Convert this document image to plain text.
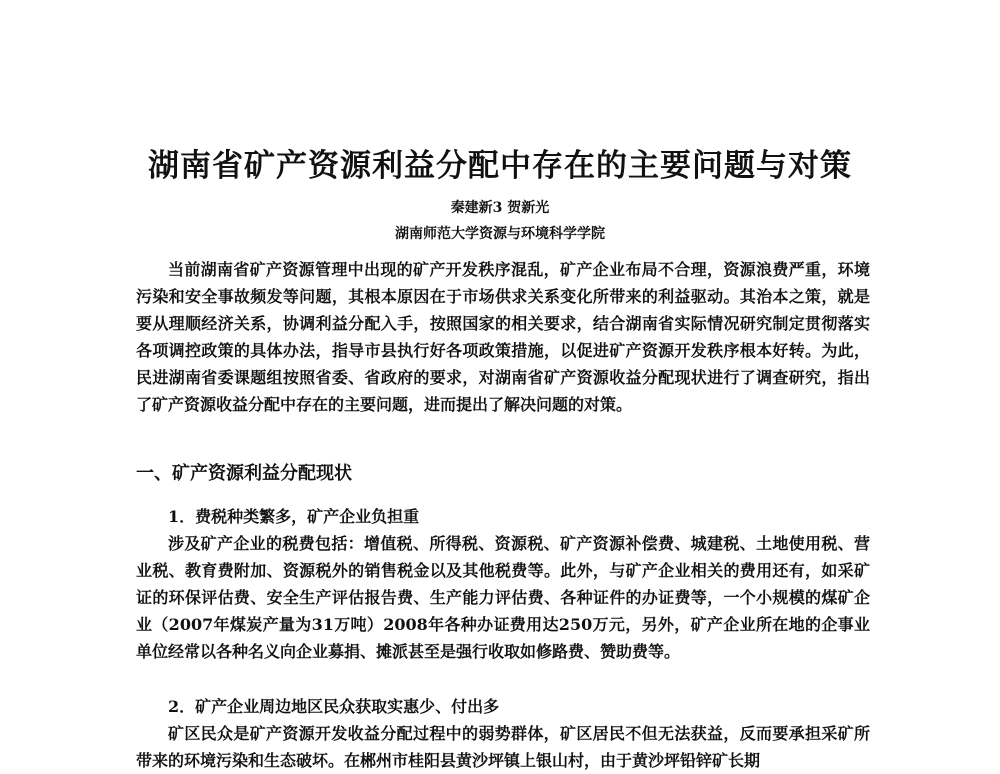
湖南省矿产资源利益分配中存在的主要问题与对策

秦建新3 贺新光

湖南师范大学资源与环境科学学院

当前湖南省矿产资源管理中出现的矿产开发秩序混乱，矿产企业布局不合理，资源浪费严重，环境污染和安全事故频发等问题，其根本原因在于市场供求关系变化所带来的利益驱动。其治本之策，就是要从理顺经济关系，协调利益分配入手，按照国家的相关要求，结合湖南省实际情况研究制定贯彻落实各项调控政策的具体办法，指导市县执行好各项政策措施，以促进矿产资源开发秩序根本好转。为此，民进湖南省委课题组按照省委、省政府的要求，对湖南省矿产资源收益分配现状进行了调查研究，指出了矿产资源收益分配中存在的主要问题，进而提出了解决问题的对策。

一、矿产资源利益分配现状
1．费税种类繁多，矿产企业负担重

涉及矿产企业的税费包括：增值税、所得税、资源税、矿产资源补偿费、城建税、土地使用税、营业税、教育费附加、资源税外的销售税金以及其他税费等。此外，与矿产企业相关的费用还有，如采矿证的环保评估费、安全生产评估报告费、生产能力评估费、各种证件的办证费等，一个小规模的煤矿企业（2007年煤炭产量为31万吨）2008年各种办证费用达250万元，另外，矿产企业所在地的企事业单位经常以各种名义向企业募捐、摊派甚至是强行收取如修路费、赞助费等。

2．矿产企业周边地区民众获取实惠少、付出多

矿区民众是矿产资源开发收益分配过程中的弱势群体，矿区居民不但无法获益，反而要承担采矿所带来的环境污染和生态破坏。在郴州市桂阳县黄沙坪镇上银山村，由于黄沙坪铅锌矿长期
